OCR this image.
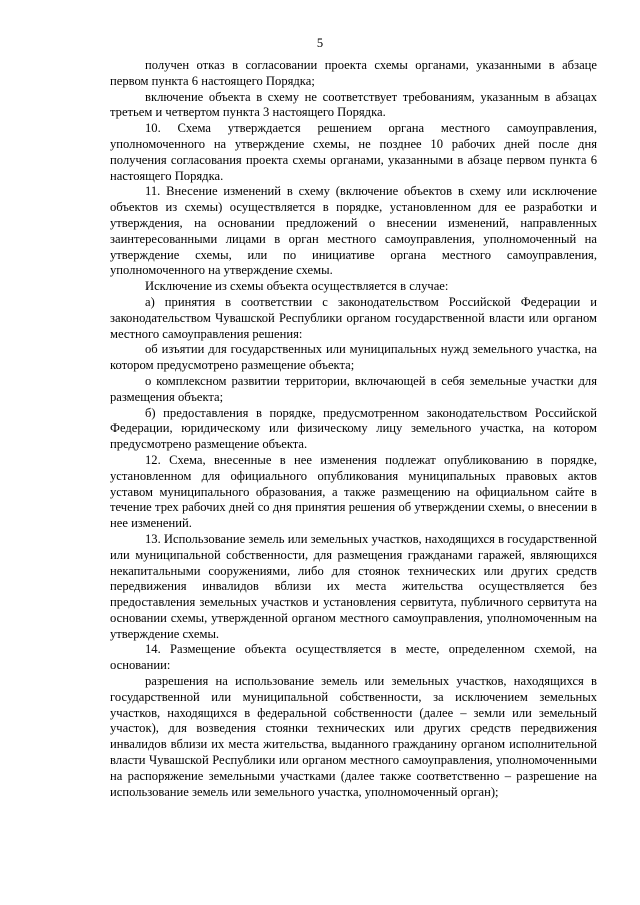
5

получен отказ в согласовании проекта схемы органами, указанными в абзаце первом пункта 6 настоящего Порядка;

включение объекта в схему не соответствует требованиям, указанным в абзацах третьем и четвертом пункта 3 настоящего Порядка.

10. Схема утверждается решением органа местного самоуправления, уполномоченного на утверждение схемы, не позднее 10 рабочих дней после дня получения согласования проекта схемы органами, указанными в абзаце первом пункта 6 настоящего Порядка.

11. Внесение изменений в схему (включение объектов в схему или исключение объектов из схемы) осуществляется в порядке, установленном для ее разработки и утверждения, на основании предложений о внесении изменений, направленных заинтересованными лицами в орган местного самоуправления, уполномоченный на утверждение схемы, или по инициативе органа местного самоуправления, уполномоченного на утверждение схемы.

Исключение из схемы объекта осуществляется в случае:

а) принятия в соответствии с законодательством Российской Федерации и законодательством Чувашской Республики органом государственной власти или органом местного самоуправления решения:

об изъятии для государственных или муниципальных нужд земельного участка, на котором предусмотрено размещение объекта;

о комплексном развитии территории, включающей в себя земельные участки для размещения объекта;

б) предоставления в порядке, предусмотренном законодательством Российской Федерации, юридическому или физическому лицу земельного участка, на котором предусмотрено размещение объекта.

12. Схема, внесенные в нее изменения подлежат опубликованию в порядке, установленном для официального опубликования муниципальных правовых актов уставом муниципального образования, а также размещению на официальном сайте в течение трех рабочих дней со дня принятия решения об утверждении схемы, о внесении в нее изменений.

13. Использование земель или земельных участков, находящихся в государственной или муниципальной собственности, для размещения гражданами гаражей, являющихся некапитальными сооружениями, либо для стоянок технических или других средств передвижения инвалидов вблизи их места жительства осуществляется без предоставления земельных участков и установления сервитута, публичного сервитута на основании схемы, утвержденной органом местного самоуправления, уполномоченным на утверждение схемы.

14. Размещение объекта осуществляется в месте, определенном схемой, на основании:

разрешения на использование земель или земельных участков, находящихся в государственной или муниципальной собственности, за исключением земельных участков, находящихся в федеральной собственности (далее – земли или земельный участок), для возведения стоянки технических или других средств передвижения инвалидов вблизи их места жительства, выданного гражданину органом исполнительной власти Чувашской Республики или органом местного самоуправления, уполномоченными на распоряжение земельными участками (далее также соответственно – разрешение на использование земель или земельного участка, уполномоченный орган);
